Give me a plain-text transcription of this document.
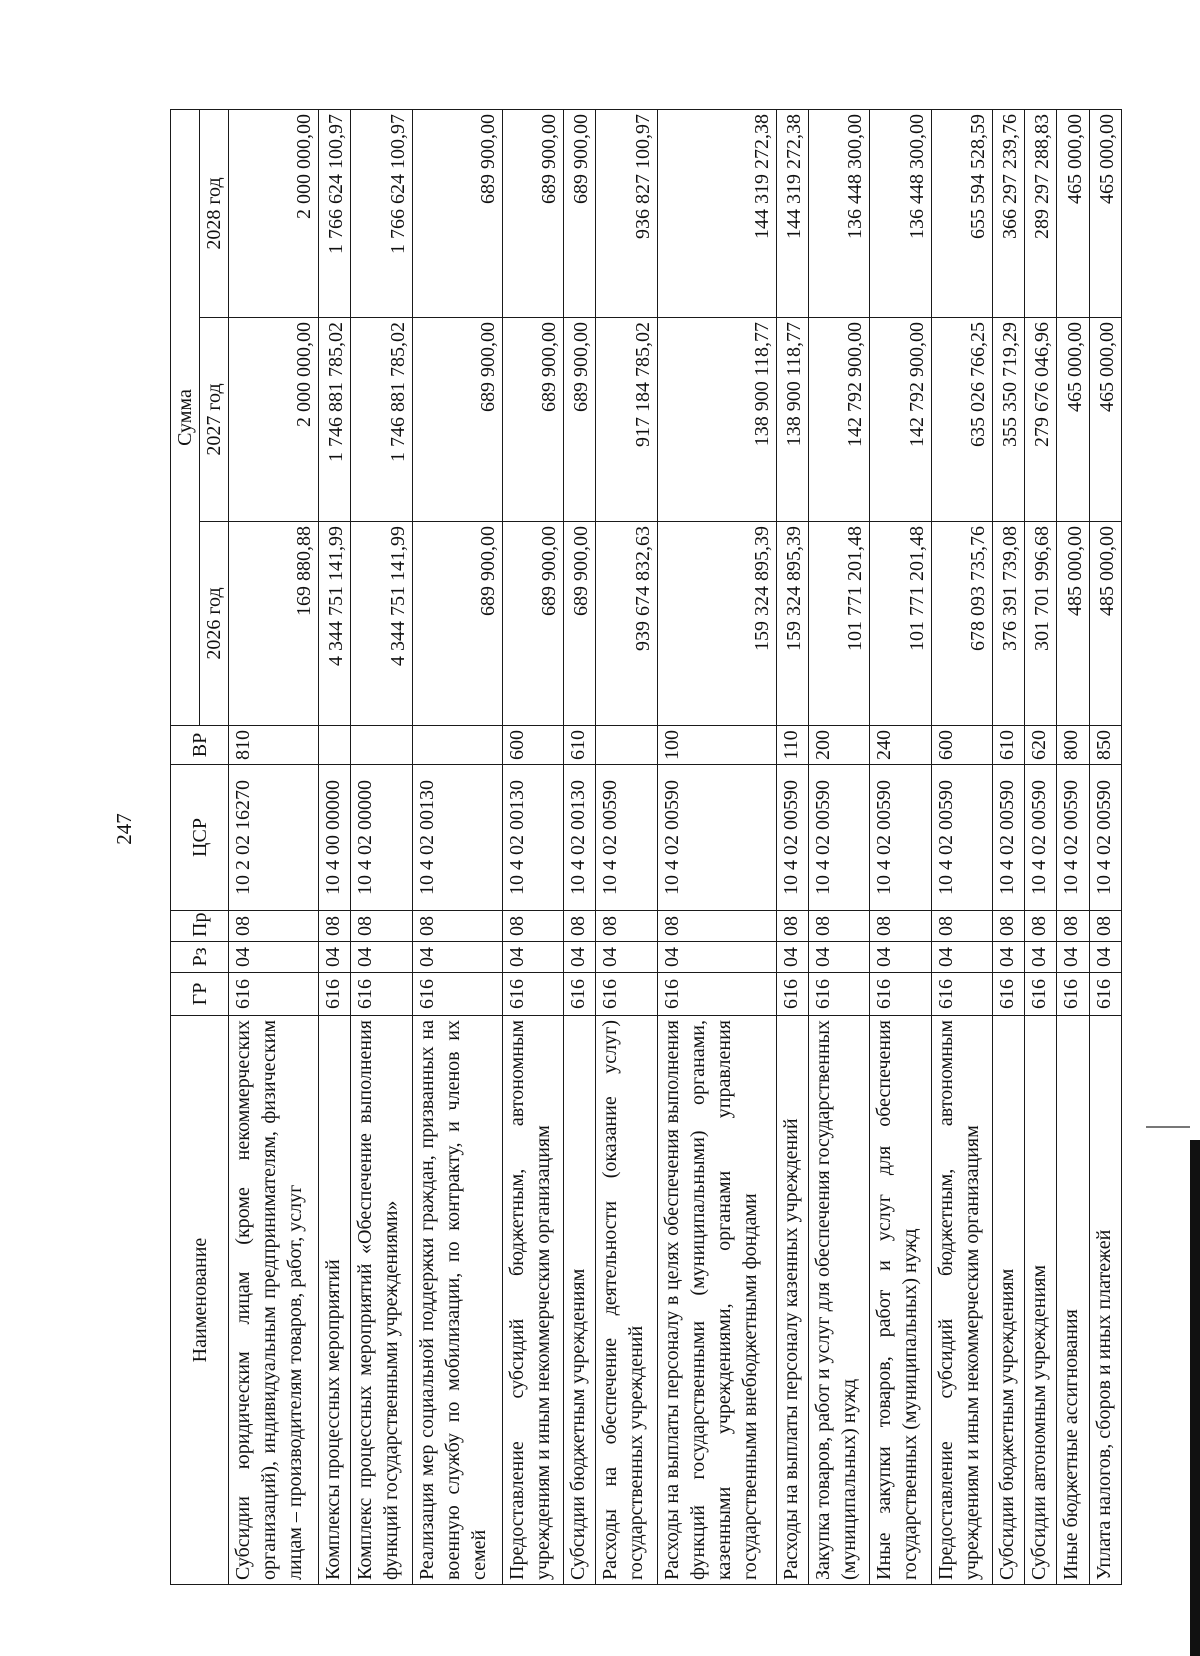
247
Наименование	ГР	Рз	Пр	ЦСР	ВР	Сумма		
						2026 год	2027 год	2028 год
Субсидии юридическим лицам (кроме некоммерческих организаций), индивидуальным предпринимателям, физическим лицам – производителям товаров, работ, услуг	616	04	08	10 2 02 16270	810	169 880,88	2 000 000,00	2 000 000,00
Комплексы процессных мероприятий	616	04	08	10 4 00 00000		4 344 751 141,99	1 746 881 785,02	1 766 624 100,97
Комплекс процессных мероприятий «Обеспечение выполнения функций государственными учреждениями»	616	04	08	10 4 02 00000		4 344 751 141,99	1 746 881 785,02	1 766 624 100,97
Реализация мер социальной поддержки граждан, призванных на военную службу по мобилизации, по контракту, и членов их семей	616	04	08	10 4 02 00130		689 900,00	689 900,00	689 900,00
Предоставление субсидий бюджетным, автономным учреждениям и иным некоммерческим организациям	616	04	08	10 4 02 00130	600	689 900,00	689 900,00	689 900,00
Субсидии бюджетным учреждениям	616	04	08	10 4 02 00130	610	689 900,00	689 900,00	689 900,00
Расходы на обеспечение деятельности (оказание услуг) государственных учреждений	616	04	08	10 4 02 00590		939 674 832,63	917 184 785,02	936 827 100,97
Расходы на выплаты персоналу в целях обеспечения выполнения функций государственными (муниципальными) органами, казенными учреждениями, органами управления государственными внебюджетными фондами	616	04	08	10 4 02 00590	100	159 324 895,39	138 900 118,77	144 319 272,38
Расходы на выплаты персоналу казенных учреждений	616	04	08	10 4 02 00590	110	159 324 895,39	138 900 118,77	144 319 272,38
Закупка товаров, работ и услуг для обеспечения государственных (муниципальных) нужд	616	04	08	10 4 02 00590	200	101 771 201,48	142 792 900,00	136 448 300,00
Иные закупки товаров, работ и услуг для обеспечения государственных (муниципальных) нужд	616	04	08	10 4 02 00590	240	101 771 201,48	142 792 900,00	136 448 300,00
Предоставление субсидий бюджетным, автономным учреждениям и иным некоммерческим организациям	616	04	08	10 4 02 00590	600	678 093 735,76	635 026 766,25	655 594 528,59
Субсидии бюджетным учреждениям	616	04	08	10 4 02 00590	610	376 391 739,08	355 350 719,29	366 297 239,76
Субсидии автономным учреждениям	616	04	08	10 4 02 00590	620	301 701 996,68	279 676 046,96	289 297 288,83
Иные бюджетные ассигнования	616	04	08	10 4 02 00590	800	485 000,00	465 000,00	465 000,00
Уплата налогов, сборов и иных платежей	616	04	08	10 4 02 00590	850	485 000,00	465 000,00	465 000,00
